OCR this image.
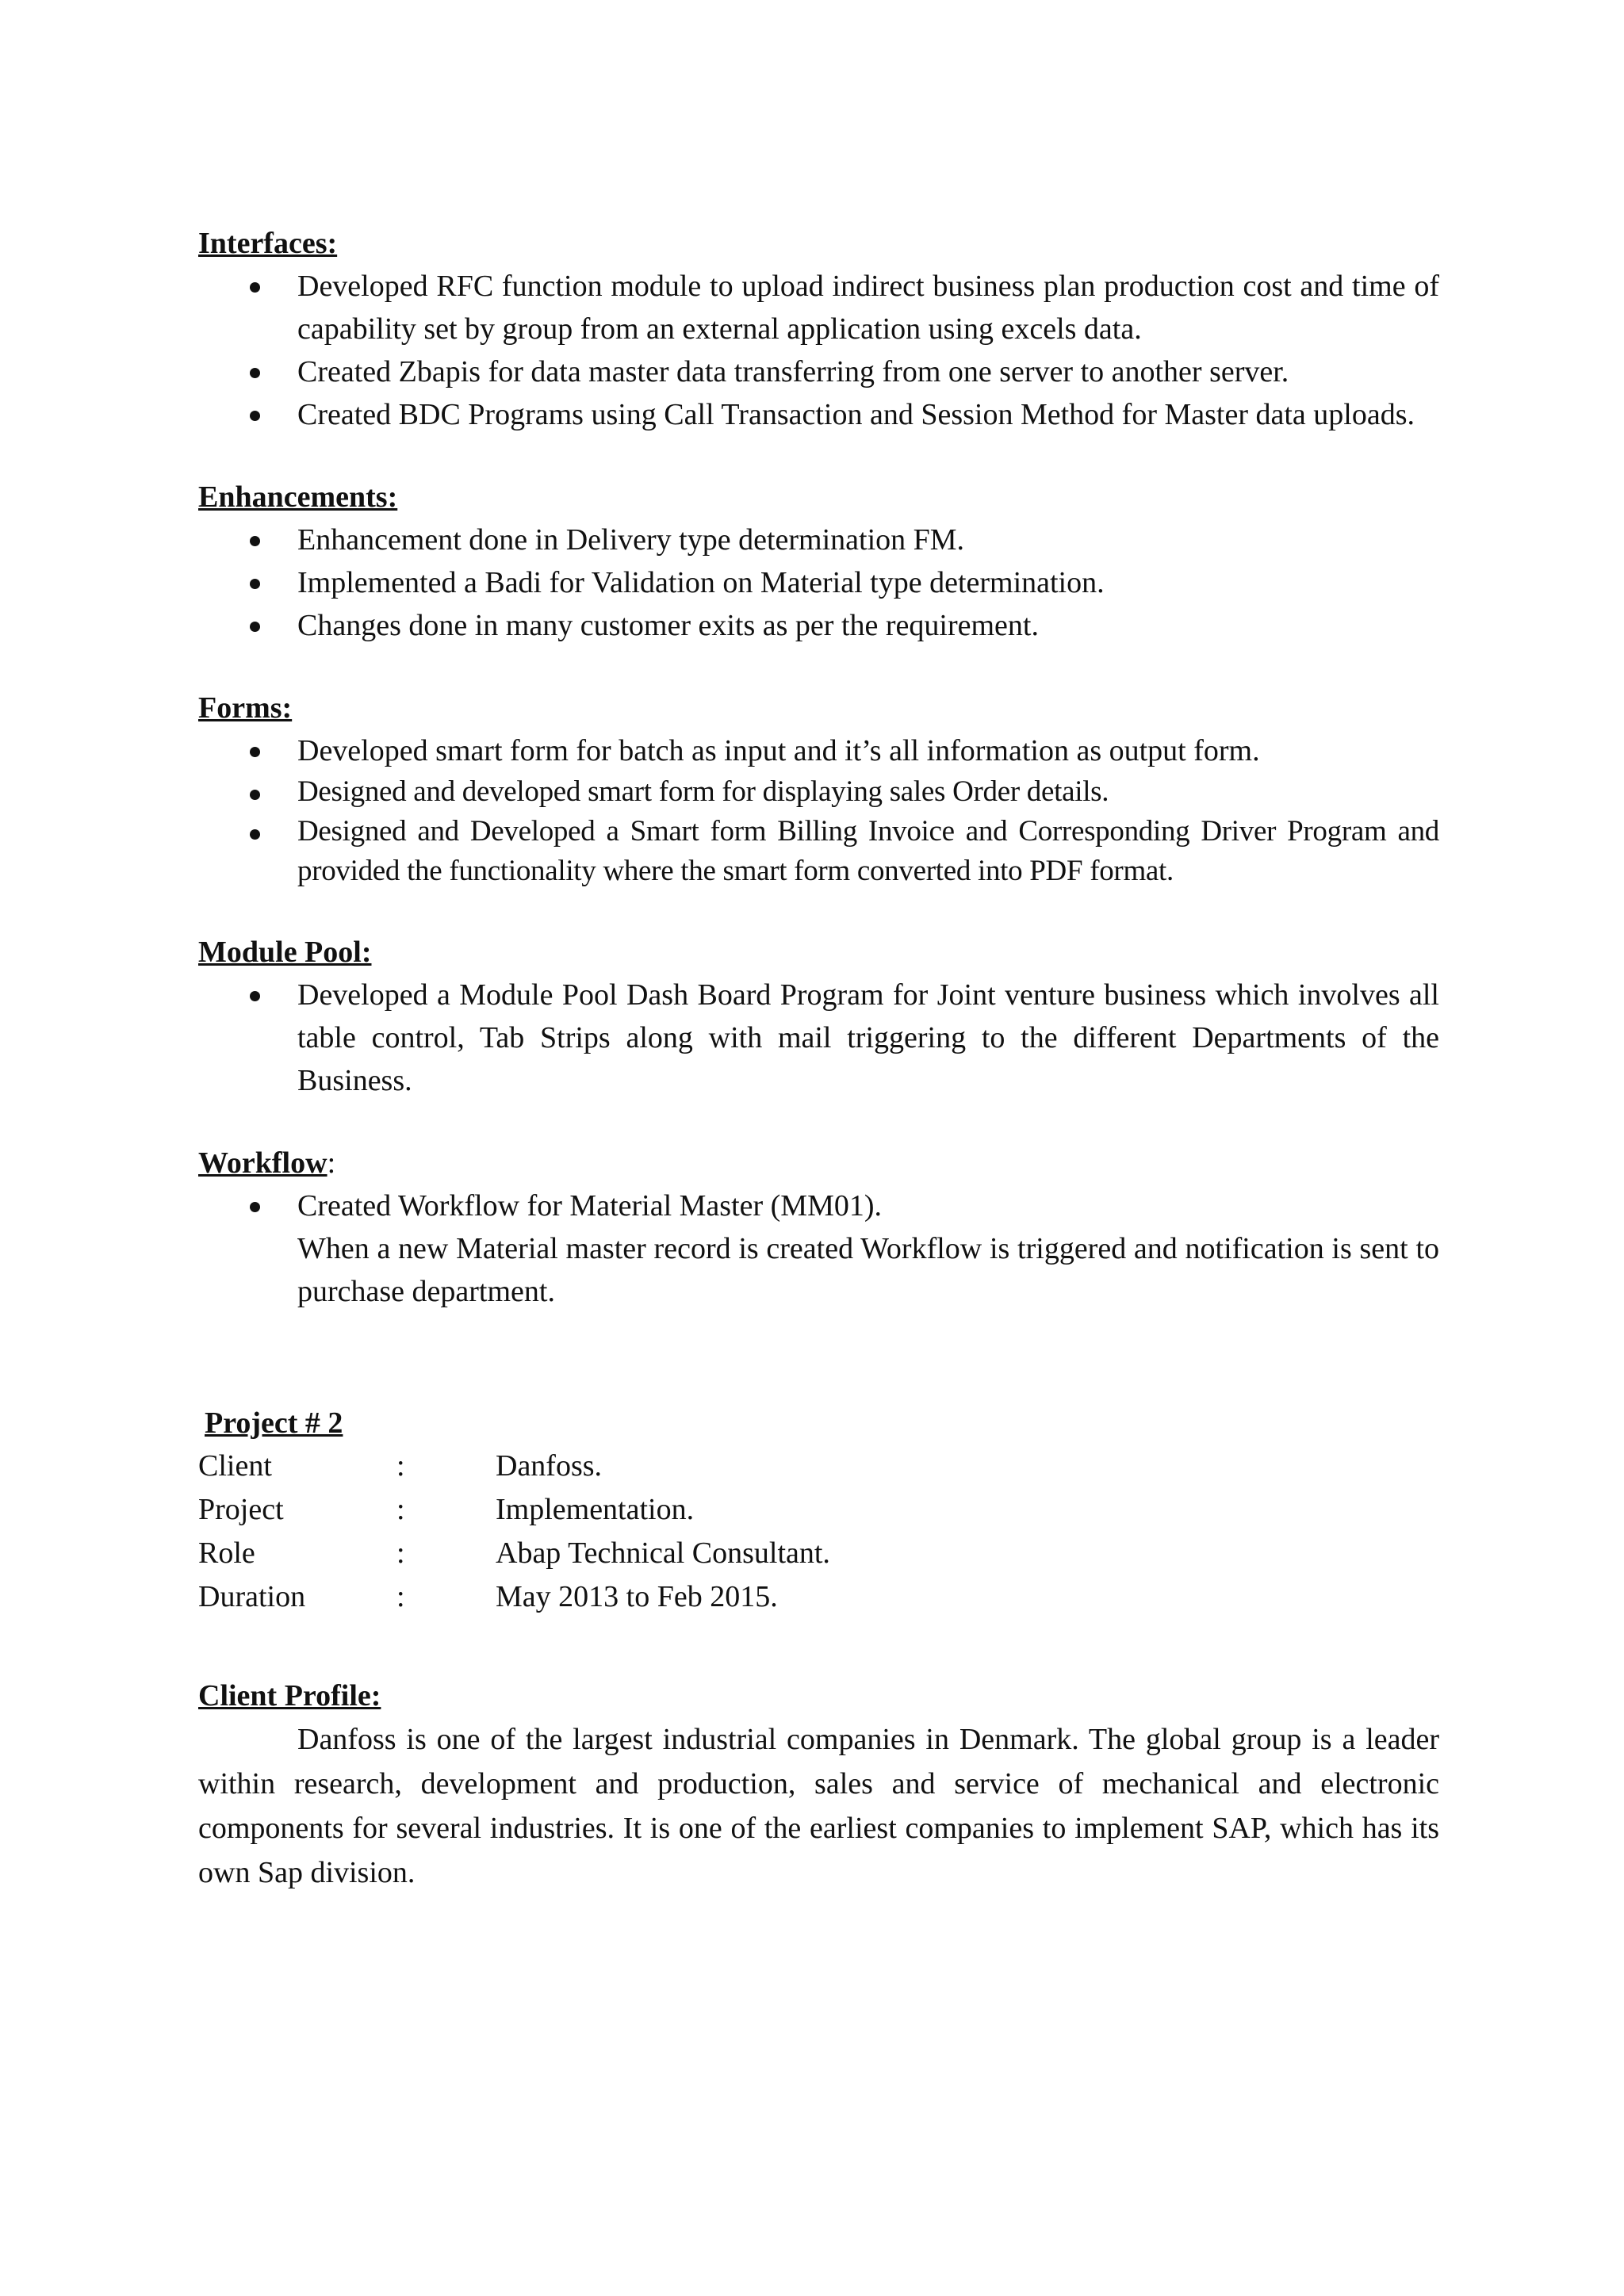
Interfaces:
Developed RFC function module to upload indirect business plan production cost and time of capability set by group from an external application using excels data.
Created Zbapis for data master data transferring from one server to another server.
Created BDC Programs using Call Transaction and Session Method for Master data uploads.
Enhancements:
Enhancement done in Delivery type determination FM.
Implemented a Badi for Validation on Material type determination.
Changes done in many customer exits as per the requirement.
Forms:
Developed smart form for batch as input and it’s all information as output form.
Designed and developed smart form for displaying sales Order details.
Designed and Developed a Smart form Billing Invoice and Corresponding Driver Program and provided the functionality where the smart form converted into PDF format.
Module Pool:
Developed a Module Pool Dash Board Program for Joint venture business which involves all table control, Tab Strips along with mail triggering to the different Departments of the Business.
Workflow:
Created Workflow for Material Master (MM01).
When a new Material master record is created Workflow is triggered and notification is sent to purchase department.
Project # 2
Client	:	Danfoss.
Project	:	Implementation.
Role	:	Abap Technical Consultant.
Duration	:	May 2013 to Feb 2015.
Client Profile:

Danfoss is one of the largest industrial companies in Denmark. The global group is a leader within research, development and production, sales and service of mechanical and electronic components for several industries. It is one of the earliest companies to implement SAP, which has its own Sap division.
